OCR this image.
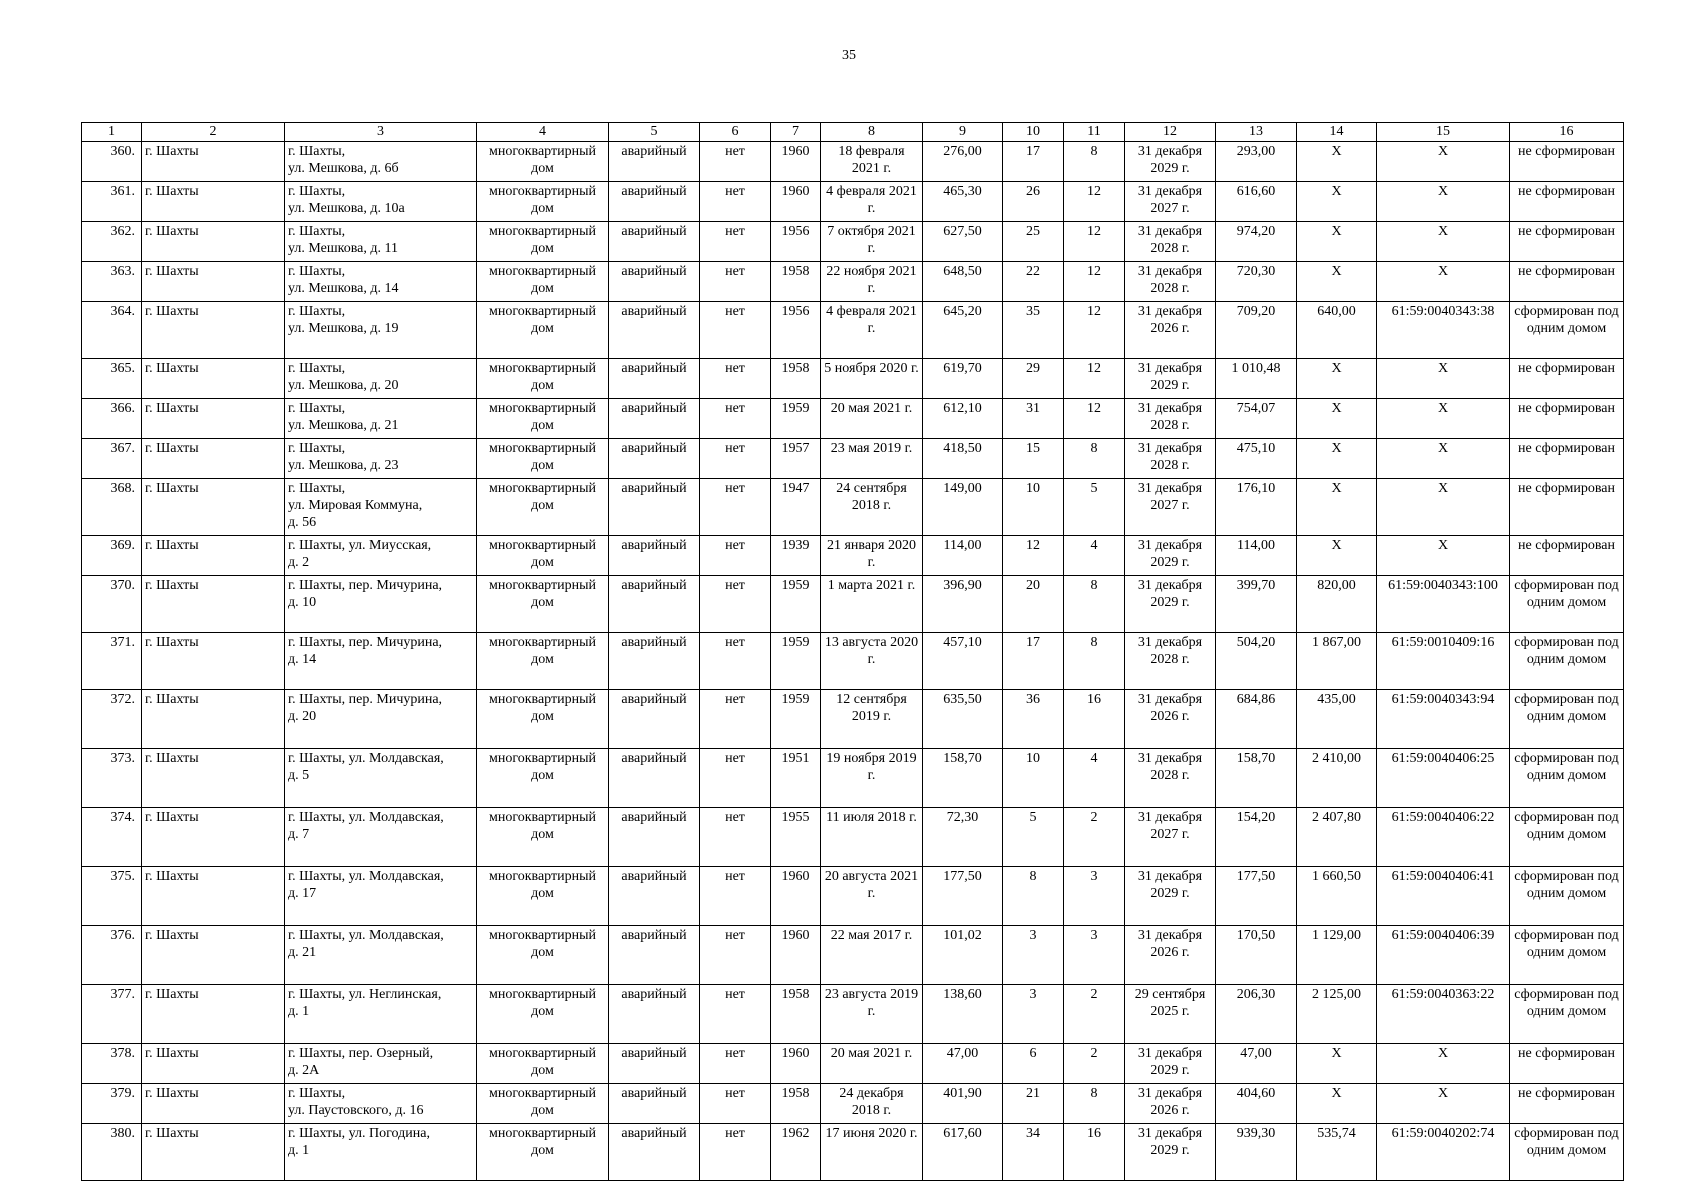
35
1	2	3	4	5	6	7	8	9	10	11	12	13	14	15	16
360.	г. Шахты	г. Шахты,
ул. Мешкова, д. 6б	многоквартирный дом	аварийный	нет	1960	18 февраля 2021 г.	276,00	17	8	31 декабря 2029 г.	293,00	Х	Х	не сформирован
361.	г. Шахты	г. Шахты,
ул. Мешкова, д. 10а	многоквартирный дом	аварийный	нет	1960	4 февраля 2021 г.	465,30	26	12	31 декабря 2027 г.	616,60	Х	Х	не сформирован
362.	г. Шахты	г. Шахты,
ул. Мешкова, д. 11	многоквартирный дом	аварийный	нет	1956	7 октября 2021 г.	627,50	25	12	31 декабря 2028 г.	974,20	Х	Х	не сформирован
363.	г. Шахты	г. Шахты,
ул. Мешкова, д. 14	многоквартирный дом	аварийный	нет	1958	22 ноября 2021 г.	648,50	22	12	31 декабря 2028 г.	720,30	Х	Х	не сформирован
364.	г. Шахты	г. Шахты,
ул. Мешкова, д. 19	многоквартирный дом	аварийный	нет	1956	4 февраля 2021 г.	645,20	35	12	31 декабря 2026 г.	709,20	640,00	61:59:0040343:38	сформирован под одним домом
365.	г. Шахты	г. Шахты,
ул. Мешкова, д. 20	многоквартирный дом	аварийный	нет	1958	5 ноября 2020 г.	619,70	29	12	31 декабря 2029 г.	1 010,48	Х	Х	не сформирован
366.	г. Шахты	г. Шахты,
ул. Мешкова, д. 21	многоквартирный дом	аварийный	нет	1959	20 мая 2021 г.	612,10	31	12	31 декабря 2028 г.	754,07	Х	Х	не сформирован
367.	г. Шахты	г. Шахты,
ул. Мешкова, д. 23	многоквартирный дом	аварийный	нет	1957	23 мая 2019 г.	418,50	15	8	31 декабря 2028 г.	475,10	Х	Х	не сформирован
368.	г. Шахты	г. Шахты,
ул. Мировая Коммуна,
д. 56	многоквартирный дом	аварийный	нет	1947	24 сентября 2018 г.	149,00	10	5	31 декабря 2027 г.	176,10	Х	Х	не сформирован
369.	г. Шахты	г. Шахты, ул. Миусская,
д. 2	многоквартирный дом	аварийный	нет	1939	21 января 2020 г.	114,00	12	4	31 декабря 2029 г.	114,00	Х	Х	не сформирован
370.	г. Шахты	г. Шахты, пер. Мичурина,
д. 10	многоквартирный дом	аварийный	нет	1959	1 марта 2021 г.	396,90	20	8	31 декабря 2029 г.	399,70	820,00	61:59:0040343:100	сформирован под одним домом
371.	г. Шахты	г. Шахты, пер. Мичурина,
д. 14	многоквартирный дом	аварийный	нет	1959	13 августа 2020 г.	457,10	17	8	31 декабря 2028 г.	504,20	1 867,00	61:59:0010409:16	сформирован под одним домом
372.	г. Шахты	г. Шахты, пер. Мичурина,
д. 20	многоквартирный дом	аварийный	нет	1959	12 сентября 2019 г.	635,50	36	16	31 декабря 2026 г.	684,86	435,00	61:59:0040343:94	сформирован под одним домом
373.	г. Шахты	г. Шахты, ул. Молдавская,
д. 5	многоквартирный дом	аварийный	нет	1951	19 ноября 2019 г.	158,70	10	4	31 декабря 2028 г.	158,70	2 410,00	61:59:0040406:25	сформирован под одним домом
374.	г. Шахты	г. Шахты, ул. Молдавская,
д. 7	многоквартирный дом	аварийный	нет	1955	11 июля 2018 г.	72,30	5	2	31 декабря 2027 г.	154,20	2 407,80	61:59:0040406:22	сформирован под одним домом
375.	г. Шахты	г. Шахты, ул. Молдавская,
д. 17	многоквартирный дом	аварийный	нет	1960	20 августа 2021 г.	177,50	8	3	31 декабря 2029 г.	177,50	1 660,50	61:59:0040406:41	сформирован под одним домом
376.	г. Шахты	г. Шахты, ул. Молдавская,
д. 21	многоквартирный дом	аварийный	нет	1960	22 мая 2017 г.	101,02	3	3	31 декабря 2026 г.	170,50	1 129,00	61:59:0040406:39	сформирован под одним домом
377.	г. Шахты	г. Шахты, ул. Неглинская,
д. 1	многоквартирный дом	аварийный	нет	1958	23 августа 2019 г.	138,60	3	2	29 сентября 2025 г.	206,30	2 125,00	61:59:0040363:22	сформирован под одним домом
378.	г. Шахты	г. Шахты, пер. Озерный,
д. 2А	многоквартирный дом	аварийный	нет	1960	20 мая 2021 г.	47,00	6	2	31 декабря 2029 г.	47,00	Х	Х	не сформирован
379.	г. Шахты	г. Шахты,
ул. Паустовского, д. 16	многоквартирный дом	аварийный	нет	1958	24 декабря 2018 г.	401,90	21	8	31 декабря 2026 г.	404,60	Х	Х	не сформирован
380.	г. Шахты	г. Шахты, ул. Погодина,
д. 1	многоквартирный дом	аварийный	нет	1962	17 июня 2020 г.	617,60	34	16	31 декабря 2029 г.	939,30	535,74	61:59:0040202:74	сформирован под одним домом
